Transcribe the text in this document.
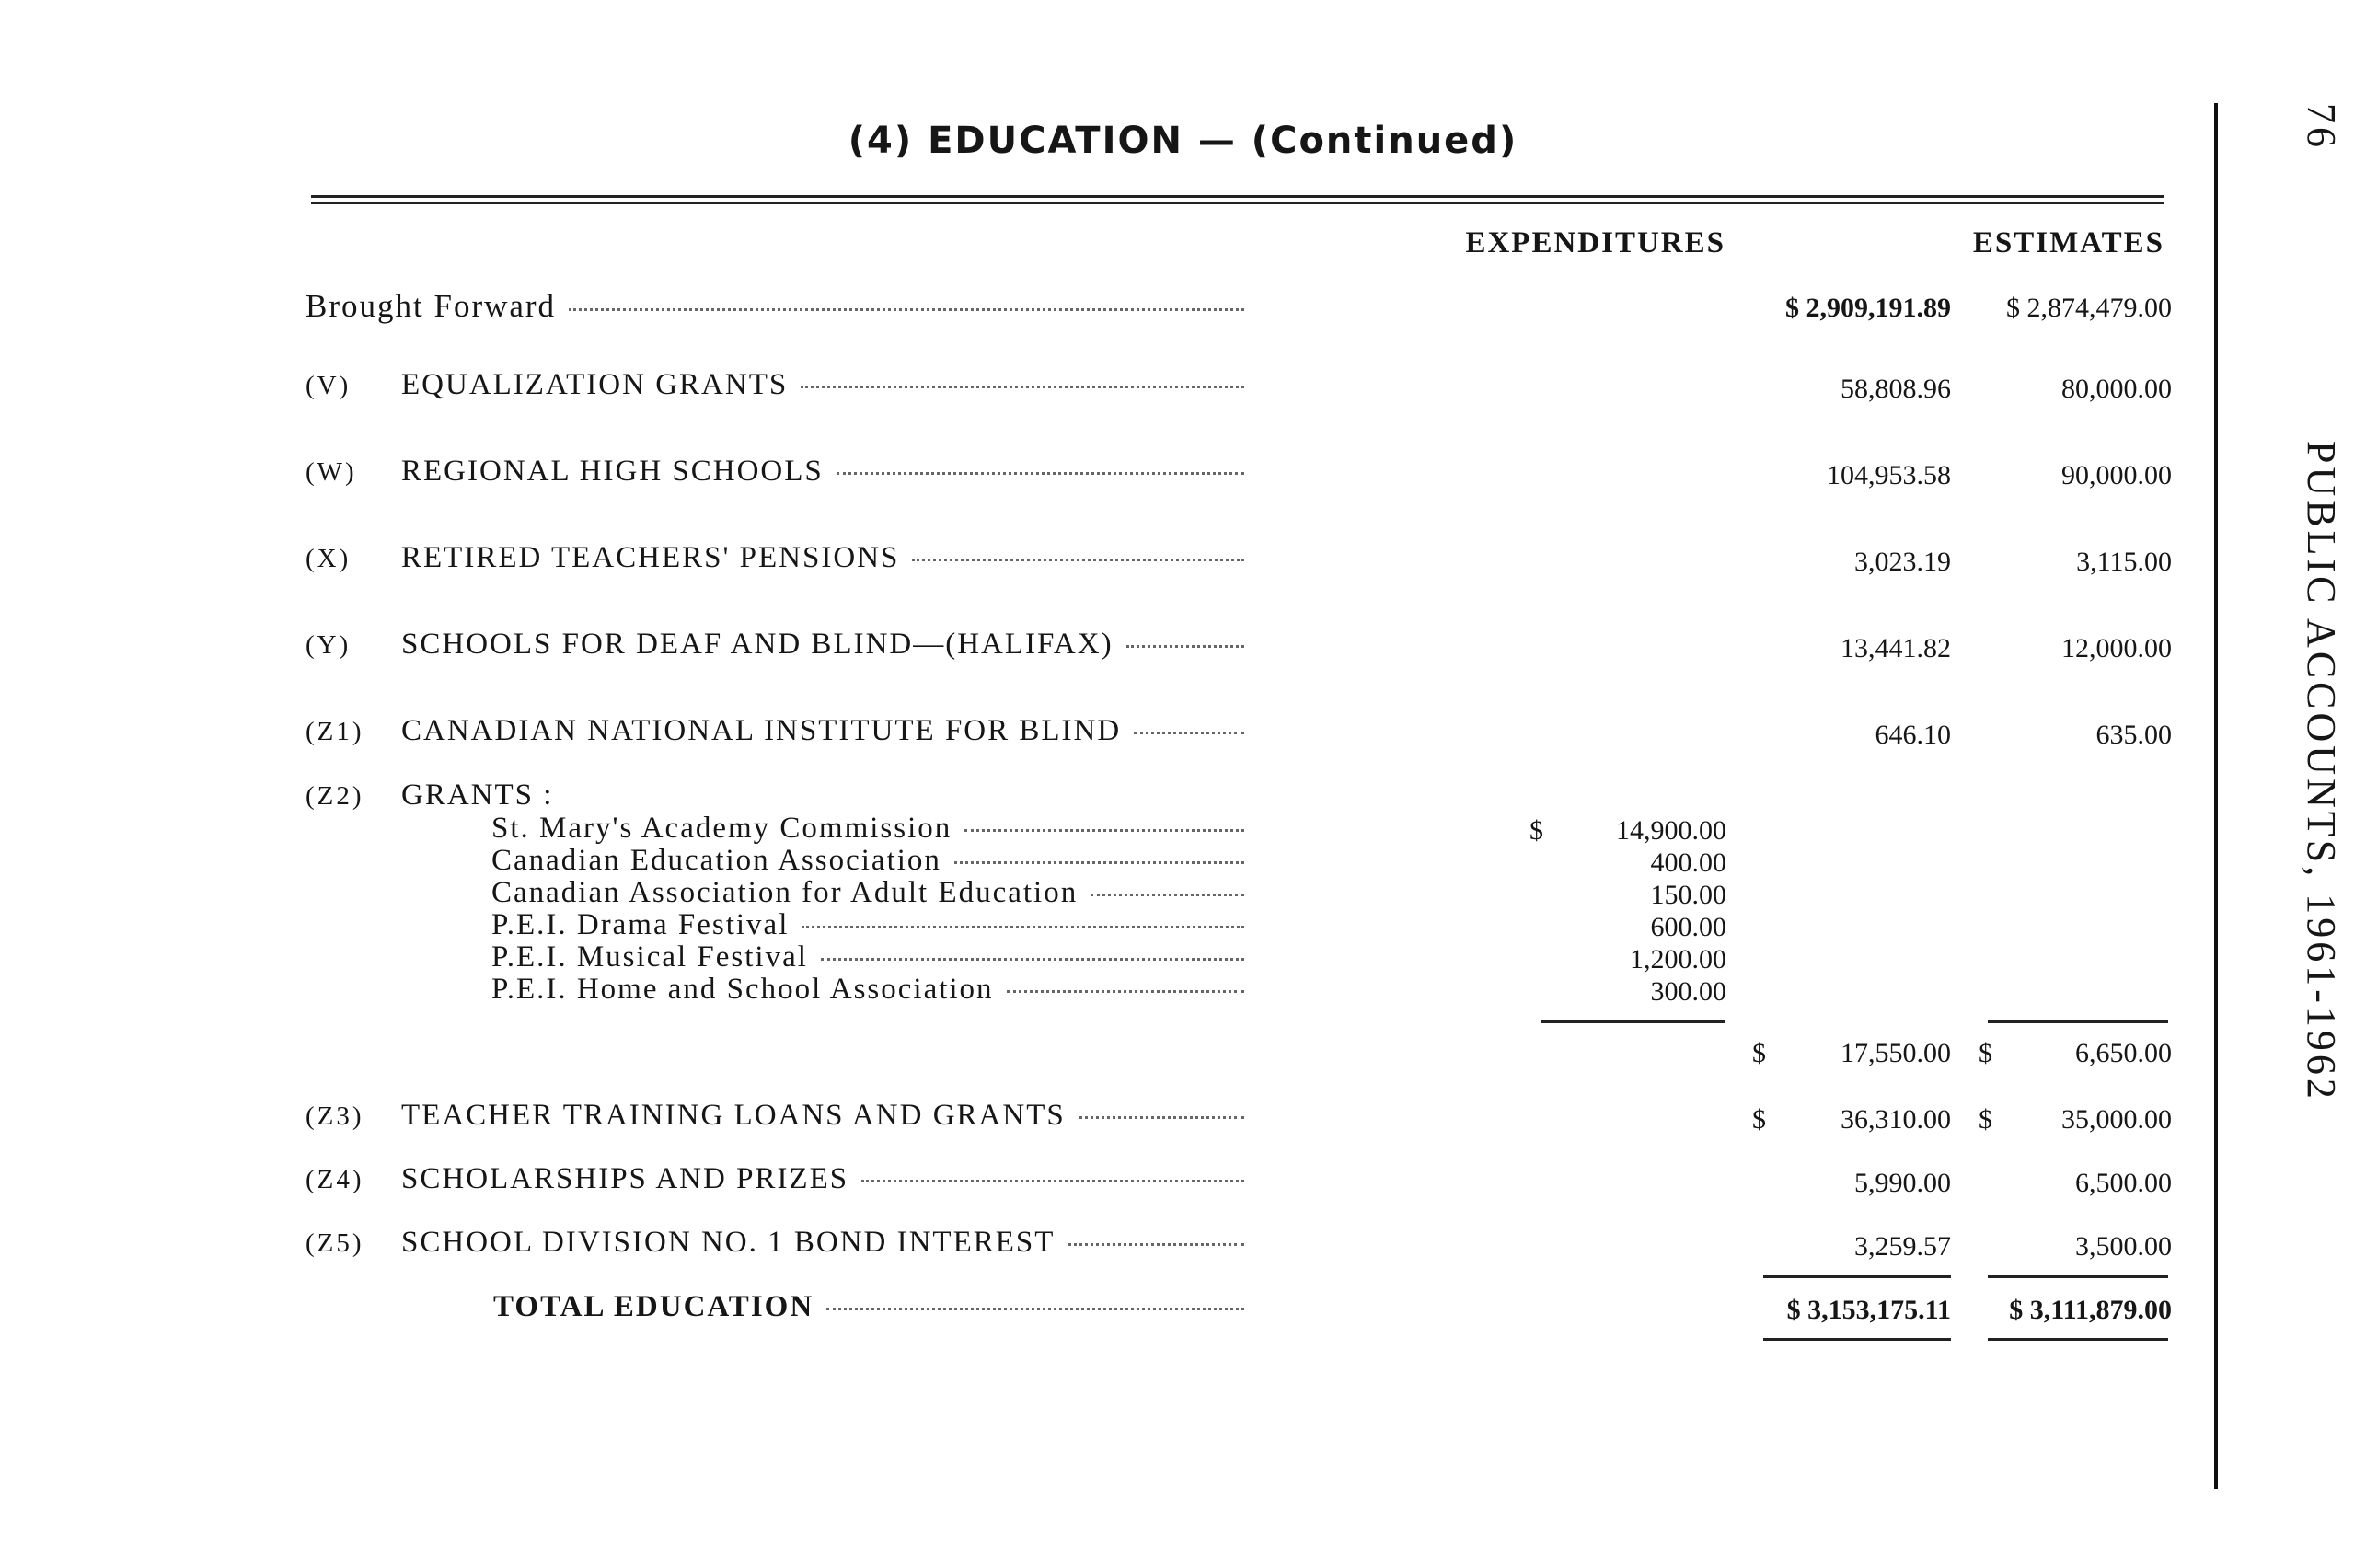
(4) EDUCATION — (Continued)
EXPENDITURES	ESTIMATES
Brought Forward	$ 2,909,191.89	$ 2,874,479.00
(V)	EQUALIZATION GRANTS	58,808.96	80,000.00
(W)	REGIONAL HIGH SCHOOLS	104,953.58	90,000.00
(X)	RETIRED TEACHERS' PENSIONS	3,023.19	3,115.00
(Y)	SCHOOLS FOR DEAF AND BLIND—(HALIFAX)	13,441.82	12,000.00
(Z1)	CANADIAN NATIONAL INSTITUTE FOR BLIND	646.10	635.00
(Z2)	GRANTS :
St. Mary's Academy Commission	$	14,900.00
Canadian Education Association	400.00
Canadian Association for Adult Education	150.00
P.E.I. Drama Festival	600.00
P.E.I. Musical Festival	1,200.00
P.E.I. Home and School Association	300.00
$	17,550.00 $	6,650.00
(Z3)	TEACHER TRAINING LOANS AND GRANTS	$	36,310.00 $	35,000.00
(Z4)	SCHOLARSHIPS AND PRIZES	5,990.00	6,500.00
(Z5)	SCHOOL DIVISION NO. 1 BOND INTEREST	3,259.57	3,500.00
TOTAL EDUCATION	$ 3,153,175.11	$ 3,111,879.00
76 PUBLIC ACCOUNTS, 1961-1962
